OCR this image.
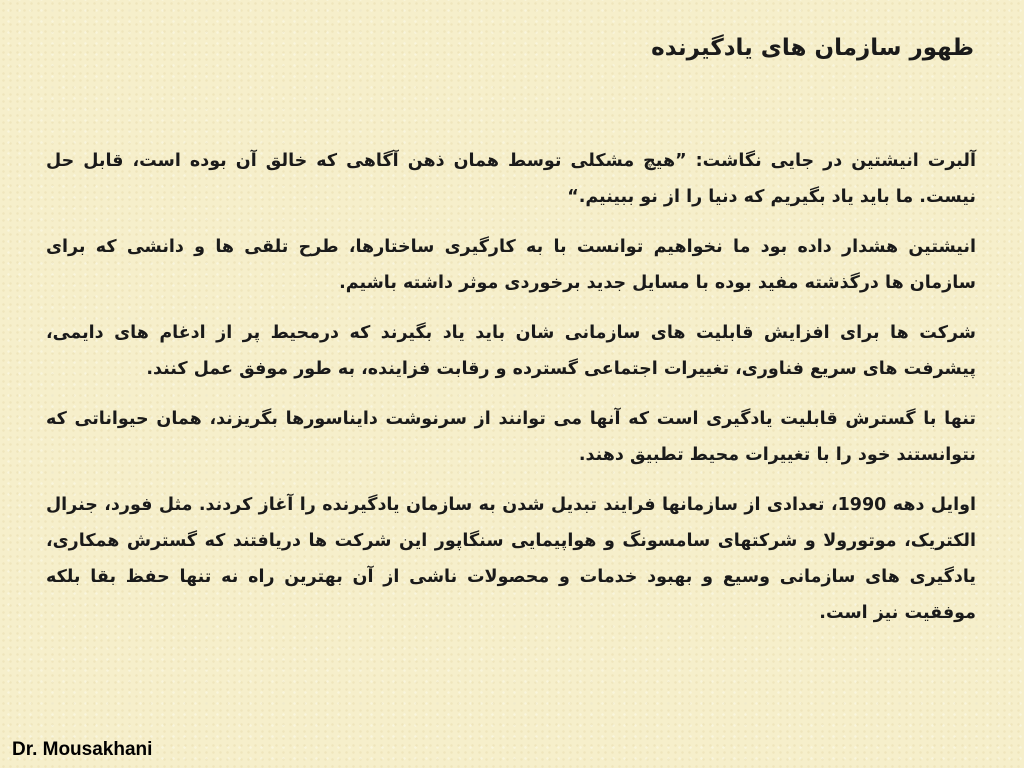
ظهور سازمان های یادگیرنده

آلبرت انیشتین در جایی نگاشت: ”هیچ مشکلی توسط همان ذهن آگاهی که خالق آن بوده است، قابل حل نیست. ما باید یاد بگیریم که دنیا را از نو ببینیم.“

انیشتین هشدار داده بود ما نخواهیم توانست با به کارگیری ساختارها، طرح تلقی ها و دانشی که برای سازمان ها درگذشته مفید بوده با مسایل جدید برخوردی موثر داشته باشیم.

شرکت ها برای افزایش قابلیت های سازمانی شان باید یاد بگیرند که درمحیط پر از ادغام های دایمی، پیشرفت های سریع فناوری، تغییرات اجتماعی گسترده و رقابت فزاینده، به طور موفق عمل کنند.

تنها با گسترش قابلیت یادگیری است که آنها می توانند از سرنوشت دایناسورها بگریزند، همان حیواناتی که نتوانستند خود را با تغییرات محیط تطبیق دهند.

اوایل دهه 1990، تعدادی از سازمانها فرایند تبدیل شدن به سازمان یادگیرنده را آغاز کردند. مثل فورد، جنرال الکتریک، موتورولا و شرکتهای سامسونگ و هواپیمایی سنگاپور این شرکت ها دریافتند که گسترش همکاری، یادگیری های سازمانی وسیع و بهبود خدمات و محصولات ناشی از آن بهترین راه نه تنها حفظ بقا بلکه موفقیت نیز است.

Dr. Mousakhani
